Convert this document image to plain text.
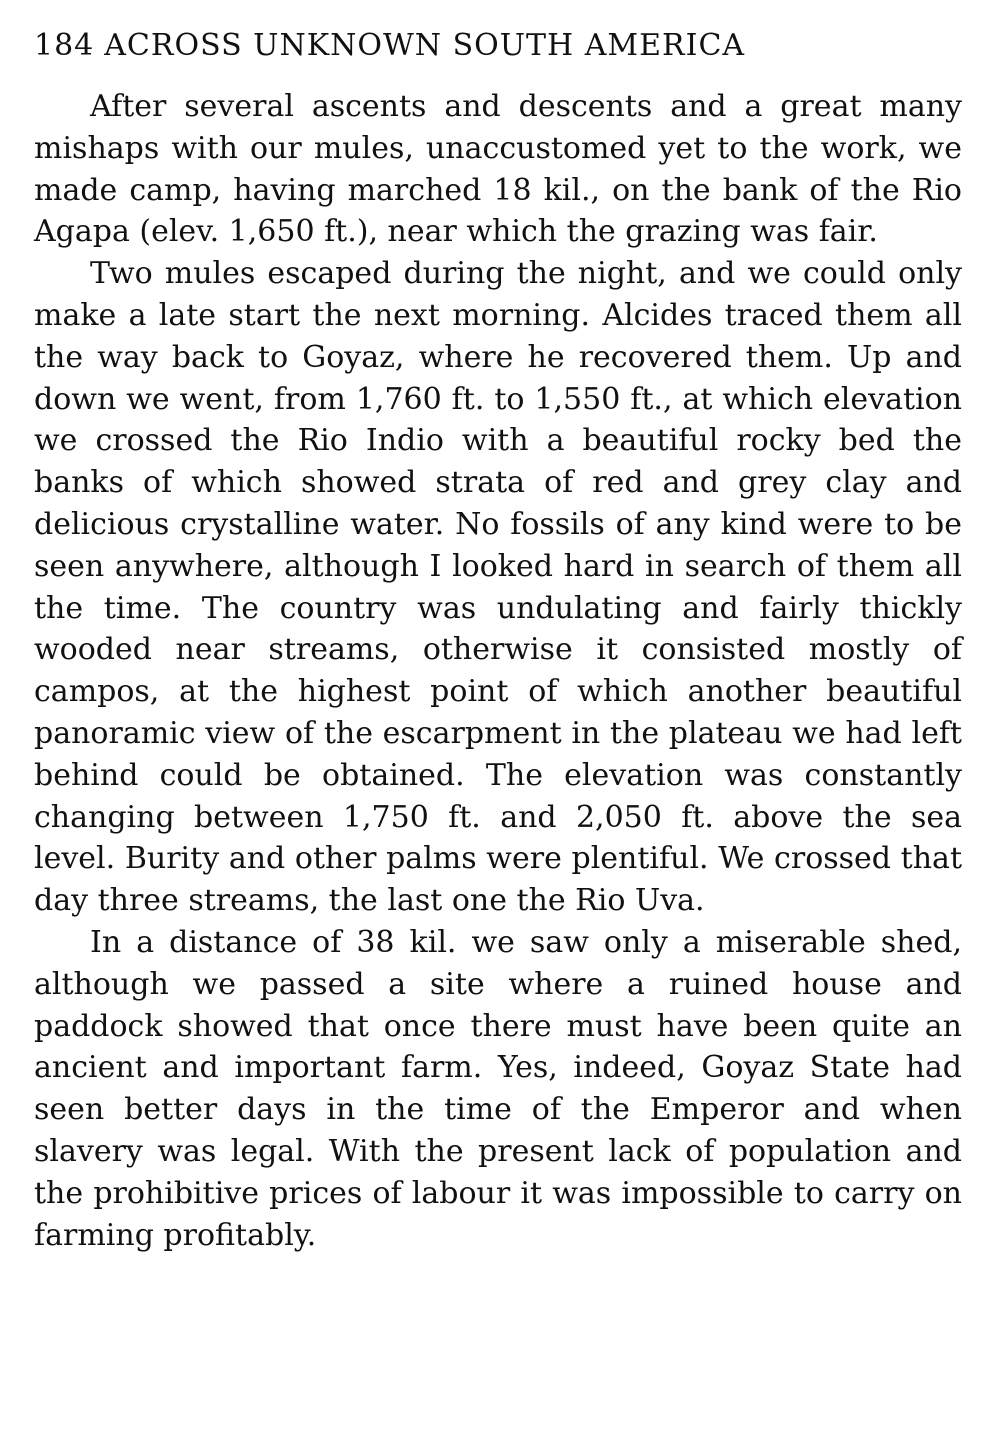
184 ACROSS UNKNOWN SOUTH AMERICA

After several ascents and descents and a great many mishaps with our mules, unaccustomed yet to the work, we made camp, having marched 18 kil., on the bank of the Rio Agapa (elev. 1,650 ft.), near which the grazing was fair.

Two mules escaped during the night, and we could only make a late start the next morning. Alcides traced them all the way back to Goyaz, where he recovered them. Up and down we went, from 1,760 ft. to 1,550 ft., at which elevation we crossed the Rio Indio with a beautiful rocky bed the banks of which showed strata of red and grey clay and delicious crystalline water. No fossils of any kind were to be seen anywhere, although I looked hard in search of them all the time. The country was undulating and fairly thickly wooded near streams, otherwise it consisted mostly of campos, at the highest point of which another beautiful panoramic view of the escarpment in the plateau we had left behind could be obtained. The elevation was constantly changing between 1,750 ft. and 2,050 ft. above the sea level. Burity and other palms were plentiful. We crossed that day three streams, the last one the Rio Uva.

In a distance of 38 kil. we saw only a miserable shed, although we passed a site where a ruined house and paddock showed that once there must have been quite an ancient and important farm. Yes, indeed, Goyaz State had seen better days in the time of the Emperor and when slavery was legal. With the present lack of population and the prohibitive prices of labour it was impossible to carry on farming profitably.
